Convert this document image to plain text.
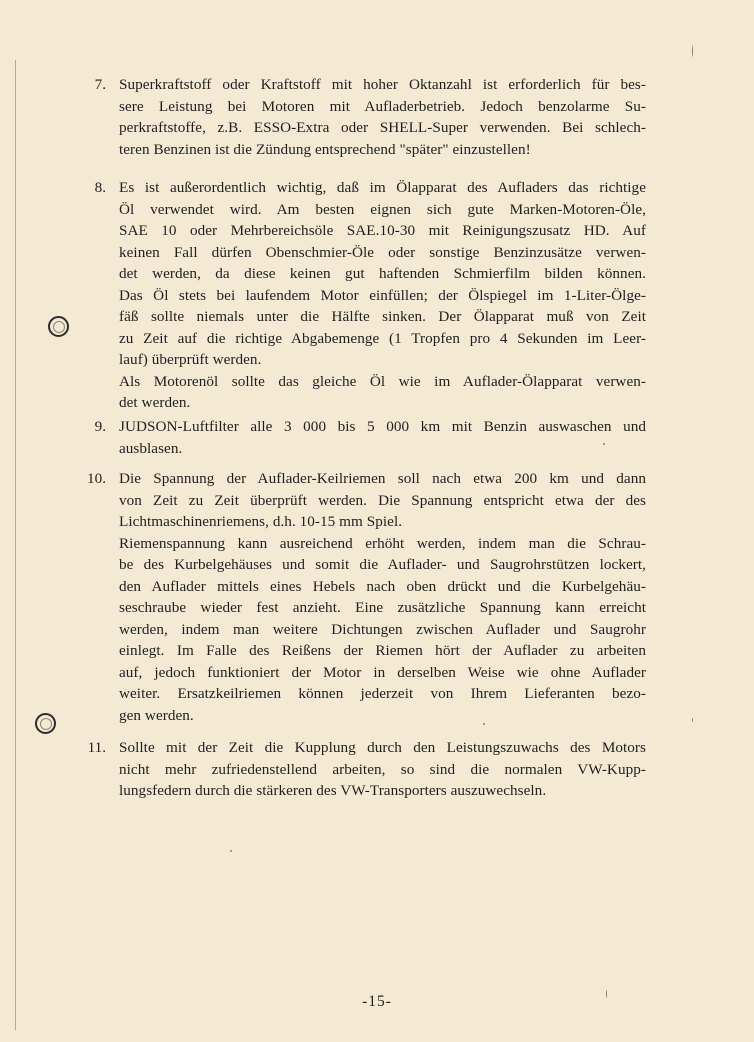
7. Superkraftstoff oder Kraftstoff mit hoher Oktanzahl ist erforderlich für bes-
sere Leistung bei Motoren mit Aufladerbetrieb. Jedoch benzolarme Su-
perkraftstoffe, z.B. ESSO-Extra oder SHELL-Super verwenden. Bei schlech-
teren Benzinen ist die Zündung entsprechend "später" einzustellen!
8. Es ist außerordentlich wichtig, daß im Ölapparat des Aufladers das richtige
Öl verwendet wird. Am besten eignen sich gute Marken-Motoren-Öle,
SAE 10 oder Mehrbereichsöle SAE.10-30 mit Reinigungszusatz HD. Auf
keinen Fall dürfen Obenschmier-Öle oder sonstige Benzinzusätze verwen-
det werden, da diese keinen gut haftenden Schmierfilm bilden können.
Das Öl stets bei laufendem Motor einfüllen; der Ölspiegel im 1-Liter-Ölge-
fäß sollte niemals unter die Hälfte sinken. Der Ölapparat muß von Zeit
zu Zeit auf die richtige Abgabemenge (1 Tropfen pro 4 Sekunden im Leer-
lauf) überprüft werden.
Als Motorenöl sollte das gleiche Öl wie im Auflader-Ölapparat verwen-
det werden.
9. JUDSON-Luftfilter alle 3 000 bis 5 000 km mit Benzin auswaschen und
ausblasen.
10. Die Spannung der Auflader-Keilriemen soll nach etwa 200 km und dann
von Zeit zu Zeit überprüft werden. Die Spannung entspricht etwa der des
Lichtmaschinenriemens, d.h. 10-15 mm Spiel.
Riemenspannung kann ausreichend erhöht werden, indem man die Schrau-
be des Kurbelgehäuses und somit die Auflader- und Saugrohrstützen lockert,
den Auflader mittels eines Hebels nach oben drückt und die Kurbelgehäu-
seschraube wieder fest anzieht. Eine zusätzliche Spannung kann erreicht
werden, indem man weitere Dichtungen zwischen Auflader und Saugrohr
einlegt. Im Falle des Reißens der Riemen hört der Auflader zu arbeiten
auf, jedoch funktioniert der Motor in derselben Weise wie ohne Auflader
weiter. Ersatzkeilriemen können jederzeit von Ihrem Lieferanten bezo-
gen werden.
11. Sollte mit der Zeit die Kupplung durch den Leistungszuwachs des Motors
nicht mehr zufriedenstellend arbeiten, so sind die normalen VW-Kupp-
lungsfedern durch die stärkeren des VW-Transporters auszuwechseln.
-15-
